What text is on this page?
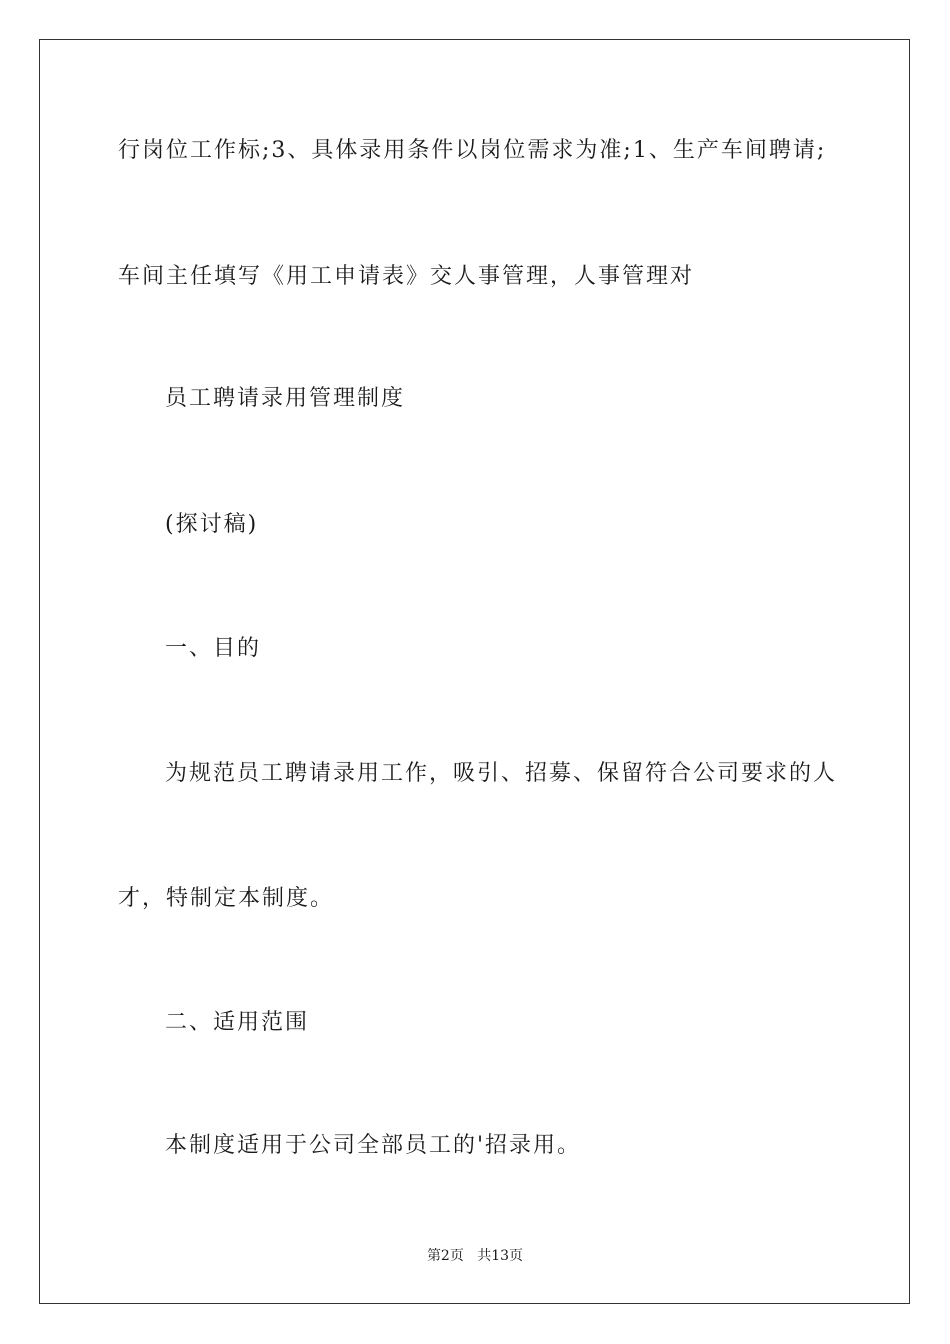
行岗位工作标;3、具体录用条件以岗位需求为准;1、生产车间聘请;
车间主任填写《用工申请表》交人事管理，人事管理对
员工聘请录用管理制度
(探讨稿)
一、目的
为规范员工聘请录用工作，吸引、招募、保留符合公司要求的人
才，特制定本制度。
二、适用范围
本制度适用于公司全部员工的'招录用。
第2页 共13页
